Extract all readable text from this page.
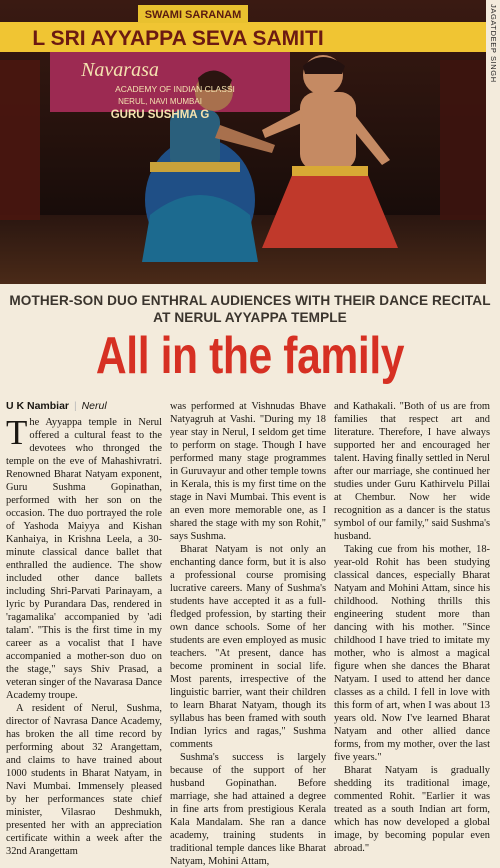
SWAMI SARANAM
L SRI AYYAPPA SEVA SAMITI
Navarasa
ACADEMY OF INDIAN CLASSI
NERUL, NAVI MUMBAI
GURU SUSHMA G
JAGATDEEP SINGH
MOTHER-SON DUO ENTHRAL AUDIENCES WITH THEIR DANCE RECITAL AT NERUL AYYAPPA TEMPLE
All in the family
U K Nambiar | Nerul

The Ayyappa temple in Nerul offered a cultural feast to the devotees who thronged the temple on the eve of Mahashivratri. Renowned Bharat Natyam exponent, Guru Sushma Gopinathan, performed with her son on the occasion. The duo portrayed the role of Yashoda Maiyya and Kishan Kanhaiya, in Krishna Leela, a 30-minute classical dance ballet that enthralled the audience. The show included other dance ballets including Shri-Parvati Parinayam, a lyric by Purandara Das, rendered in 'ragamalika' accompanied by 'adi talam'. "This is the first time in my career as a vocalist that I have accompanied a mother-son duo on the stage," says Shiv Prasad, a veteran singer of the Navarasa Dance Academy troupe.

A resident of Nerul, Sushma, director of Navrasa Dance Academy, has broken the all time record by performing about 32 Arangettam, and claims to have trained about 1000 students in Bharat Natyam, in Navi Mumbai. Immensely pleased by her performances state chief minister, Vilasrao Deshmukh, presented her with an appreciation certificate within a week after the 32nd Arangettam

was performed at Vishnudas Bhave Natyagruh at Vashi. "During my 18 year stay in Nerul, I seldom get time to perform on stage. Though I have performed many stage programmes in Guruvayur and other temple towns in Kerala, this is my first time on the stage in Navi Mumbai. This event is an even more memorable one, as I shared the stage with my son Rohit," says Sushma.

Bharat Natyam is not only an enchanting dance form, but it is also a professional course promising lucrative careers. Many of Sushma's students have accepted it as a full-fledged profession, by starting their own dance schools. Some of her students are even employed as music teachers. "At present, dance has become prominent in social life. Most parents, irrespective of the linguistic barrier, want their children to learn Bharat Natyam, though its syllabus has been framed with south Indian lyrics and ragas," Sushma comments

Sushma's success is largely because of the support of her husband Gopinathan. Before marriage, she had attained a degree in fine arts from prestigious Kerala Kala Mandalam. She ran a dance academy, training students in traditional temple dances like Bharat Natyam, Mohini Attam,

and Kathakali. "Both of us are from families that respect art and literature. Therefore, I have always supported her and encouraged her talent. Having finally settled in Nerul after our marriage, she continued her studies under Guru Kathirvelu Pillai at Chembur. Now her wide recognition as a dancer is the status symbol of our family," said Sushma's husband.

Taking cue from his mother, 18-year-old Rohit has been studying classical dances, especially Bharat Natyam and Mohini Attam, since his childhood. Nothing thrills this engineering student more than dancing with his mother. "Since childhood I have tried to imitate my mother, who is almost a magical figure when she dances the Bharat Natyam. I used to attend her dance classes as a child. I fell in love with this form of art, when I was about 13 years old. Now I've learned Bharat Natyam and other allied dance forms, from my mother, over the last five years."

Bharat Natyam is gradually shedding its traditional image, commented Rohit. "Earlier it was treated as a south Indian art form, which has now developed a global image, by becoming popular even abroad."
